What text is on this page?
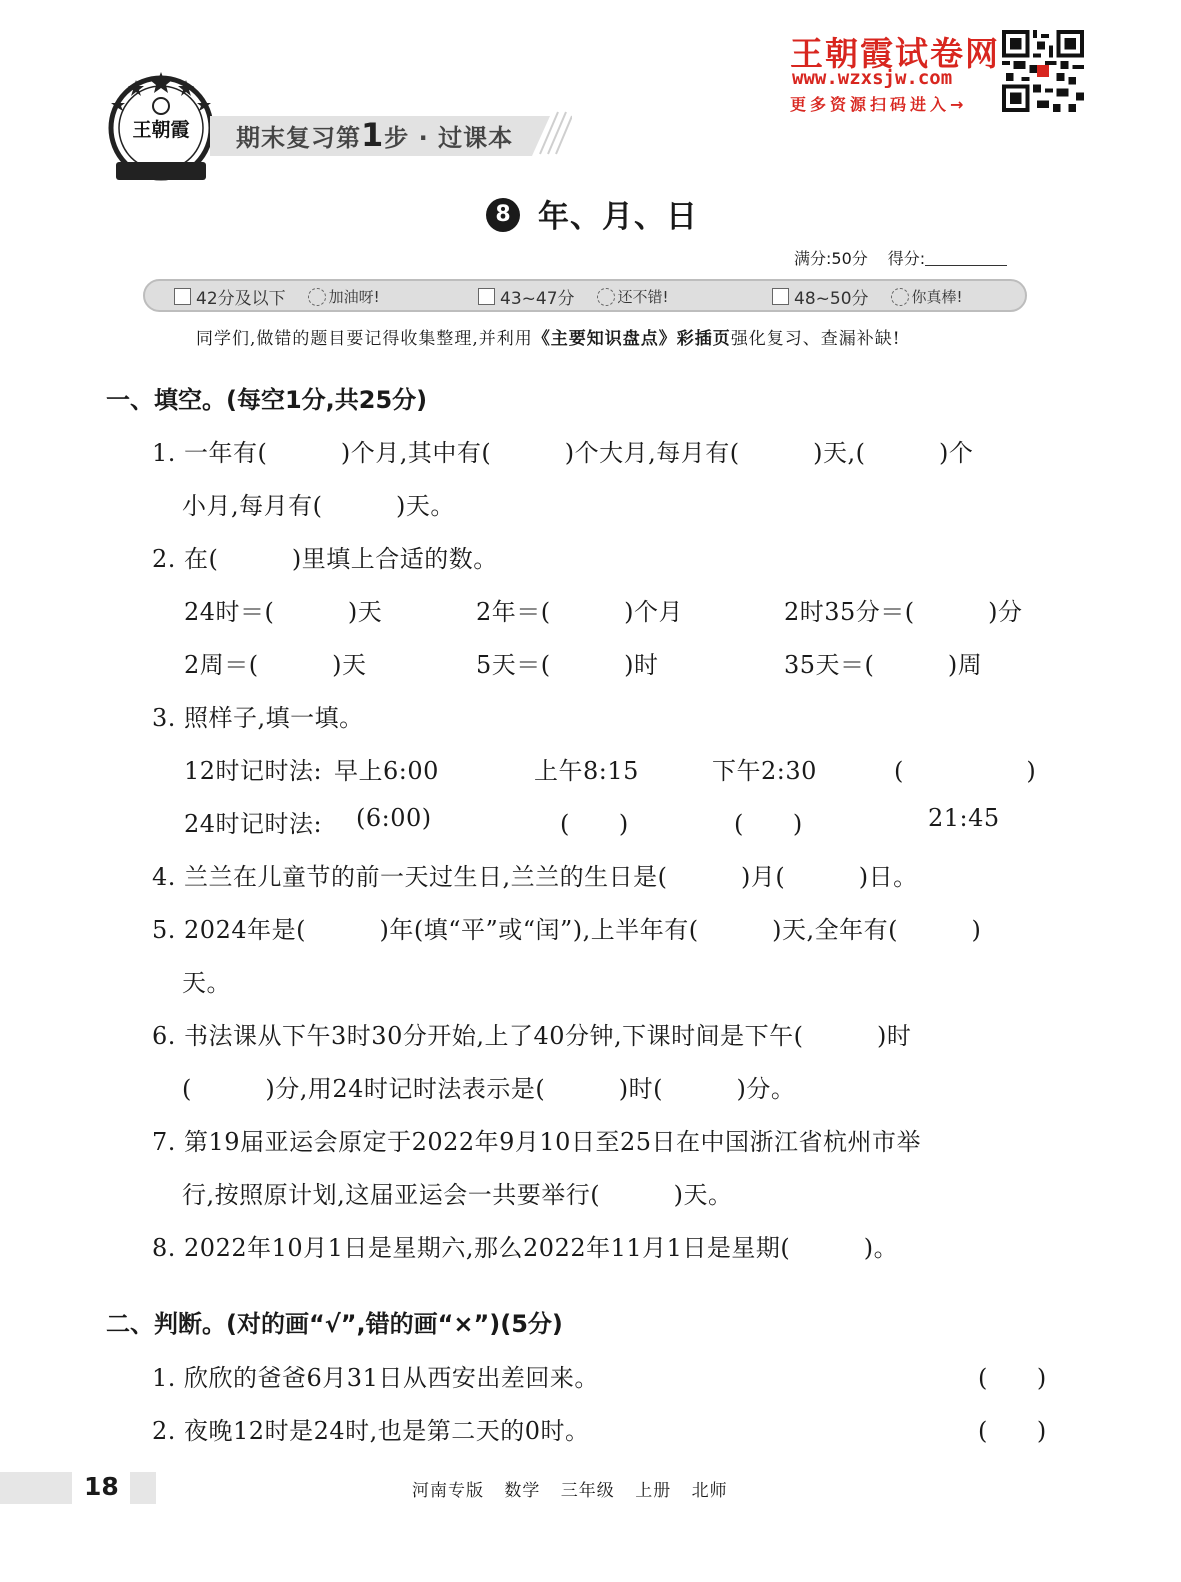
王朝霞 期末复习第1步 · 过课本
王朝霞试卷网
www.wzxsjw.com
更多资源扫码进入→
8 年、月、日
满分:50分 得分:
42分及以下	加油呀!	43~47分	还不错!	48~50分	你真棒!
同学们,做错的题目要记得收集整理,并利用《主要知识盘点》彩插页强化复习、查漏补缺!
一、填空。(每空1分,共25分)
1. 一年有(　　　)个月,其中有(　　　)个大月,每月有(　　　)天,(　　　)个
小月,每月有(　　　)天。
2. 在(　　　)里填上合适的数。
24时＝(　　　)天	2年＝(　　　)个月	2时35分＝(　　　)分
2周＝(　　　)天	5天＝(　　　)时	35天＝(　　　)周
3. 照样子,填一填。
12时记时法: 早上6:00	上午8:15	下午2:30	(　　　　　)
24时记时法: (6:00)	(　　)	(　　)	21:45
4. 兰兰在儿童节的前一天过生日,兰兰的生日是(　　　)月(　　　)日。
5. 2024年是(　　　)年(填“平”或“闰”),上半年有(　　　)天,全年有(　　　)
天。
6. 书法课从下午3时30分开始,上了40分钟,下课时间是下午(　　　)时
(　　　)分,用24时记时法表示是(　　　)时(　　　)分。
7. 第19届亚运会原定于2022年9月10日至25日在中国浙江省杭州市举
行,按照原计划,这届亚运会一共要举行(　　　)天。
8. 2022年10月1日是星期六,那么2022年11月1日是星期(　　　)。
二、判断。(对的画“√”,错的画“×”)(5分)
1. 欣欣的爸爸6月31日从西安出差回来。	(　　)
2. 夜晚12时是24时,也是第二天的0时。	(　　)
18	河南专版 数学 三年级 上册 北师
